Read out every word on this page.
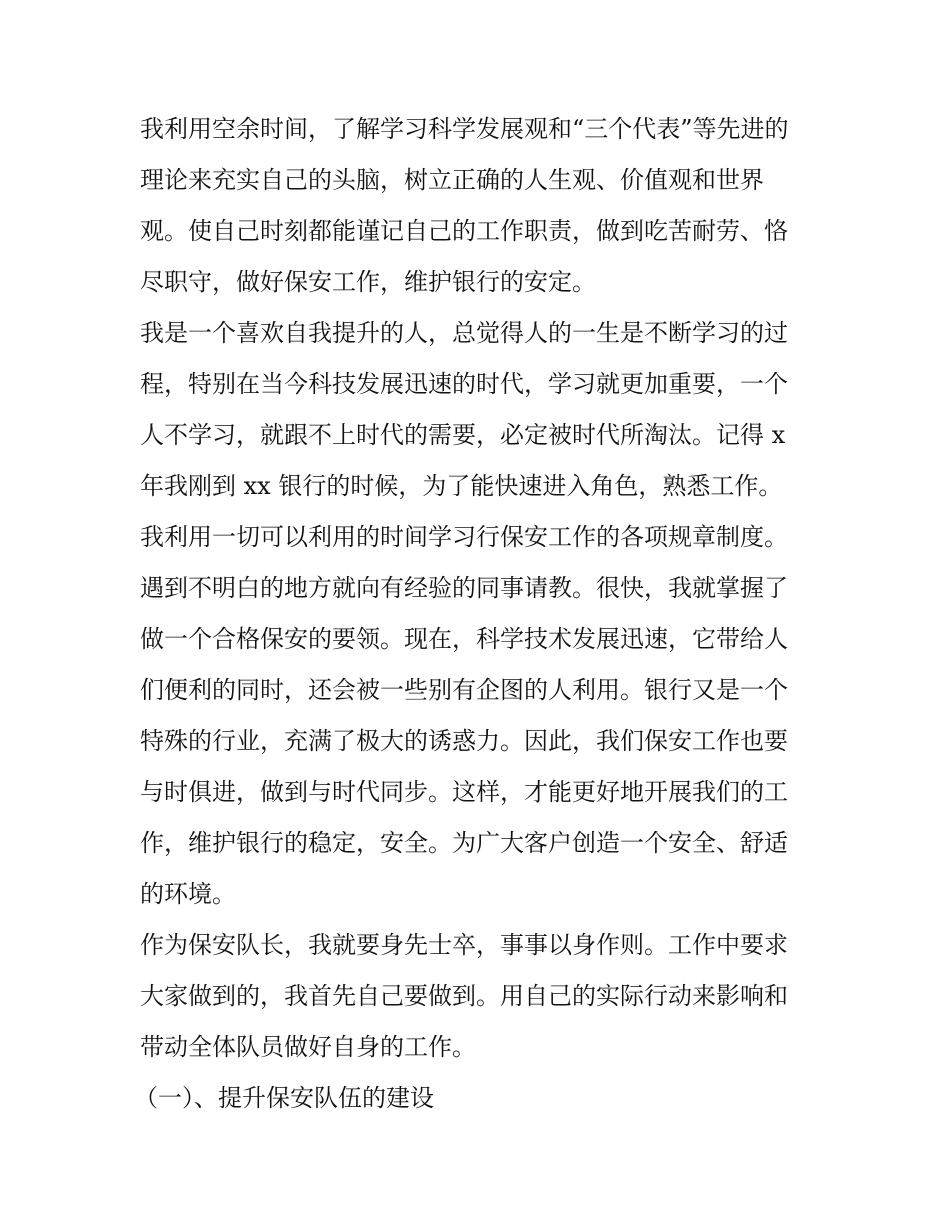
我利用空余时间，了解学习科学发展观和“三个代表”等先进的
理论来充实自己的头脑，树立正确的人生观、价值观和世界
观。使自己时刻都能谨记自己的工作职责，做到吃苦耐劳、恪
尽职守，做好保安工作，维护银行的安定。

我是一个喜欢自我提升的人，总觉得人的一生是不断学习的过
程，特别在当今科技发展迅速的时代，学习就更加重要，一个
人不学习，就跟不上时代的需要，必定被时代所淘汰。记得 x
年我刚到 xx 银行的时候，为了能快速进入角色，熟悉工作。
我利用一切可以利用的时间学习行保安工作的各项规章制度。
遇到不明白的地方就向有经验的同事请教。很快，我就掌握了
做一个合格保安的要领。现在，科学技术发展迅速，它带给人
们便利的同时，还会被一些别有企图的人利用。银行又是一个
特殊的行业，充满了极大的诱惑力。因此，我们保安工作也要
与时俱进，做到与时代同步。这样，才能更好地开展我们的工
作，维护银行的稳定，安全。为广大客户创造一个安全、舒适
的环境。

作为保安队长，我就要身先士卒，事事以身作则。工作中要求
大家做到的，我首先自己要做到。用自己的实际行动来影响和
带动全体队员做好自身的工作。

（一）、提升保安队伍的建设
